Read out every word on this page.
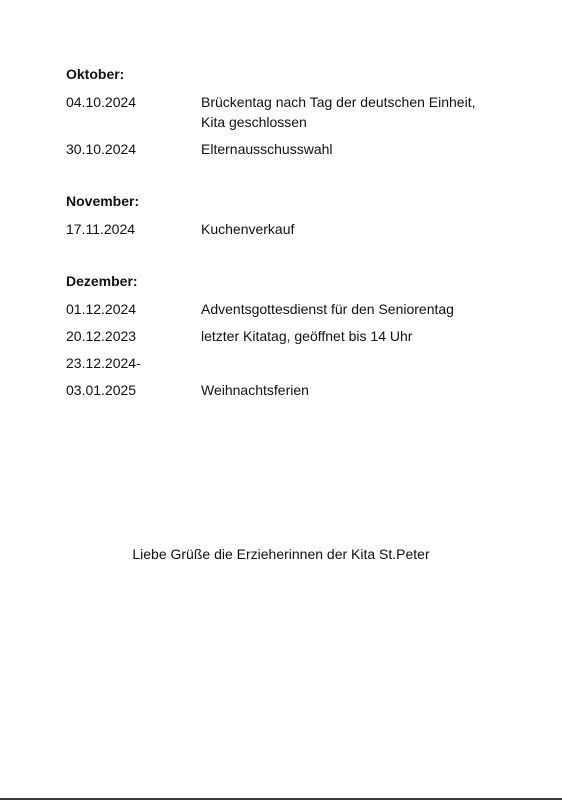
Oktober:
04.10.2024	Brückentag nach Tag der deutschen Einheit,
Kita geschlossen
30.10.2024	Elternausschusswahl
November:
17.11.2024	Kuchenverkauf
Dezember:
01.12.2024	Adventsgottesdienst für den Seniorentag
20.12.2023	letzter Kitatag, geöffnet bis 14 Uhr
23.12.2024-
03.01.2025	Weihnachtsferien
Liebe Grüße die Erzieherinnen der Kita St.Peter
